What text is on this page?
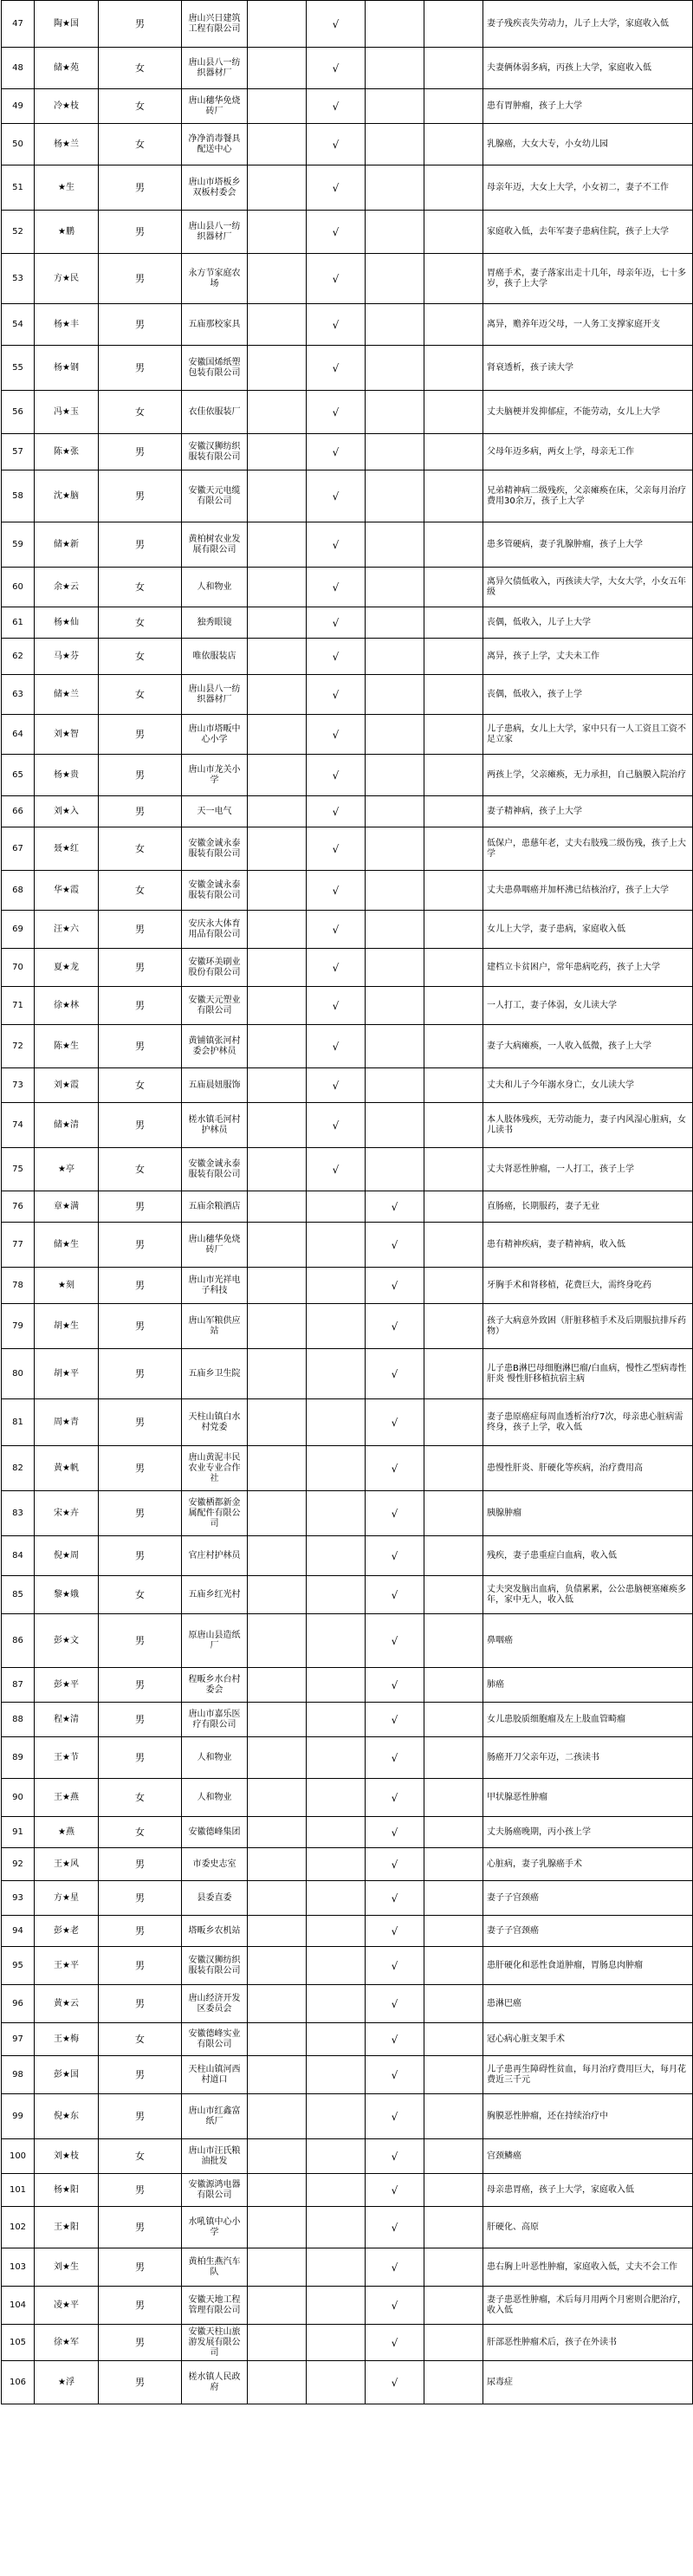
47	陶★国	男	唐山兴日建筑工程有限公司		√			妻子残疾丧失劳动力，儿子上大学，家庭收入低
48	储★苑	女	唐山县八一纺织器材厂		√			夫妻俩体弱多病，丙孩上大学，家庭收入低
49	冷★枝	女	唐山穗华免烧砖厂		√			患有胃肿瘤，孩子上大学
50	杨★兰	女	净净消毒餐具配送中心		√			乳腺癌，大女大专，小女幼儿园
51	★生	男	唐山市塔板乡双板村委会		√			母亲年迈，大女上大学，小女初二，妻子不工作
52	★鹏	男	唐山县八一纺织器材厂		√			家庭收入低，去年军妻子患病住院，孩子上大学
53	方★民	男	永方节家庭农场		√			胃癌手术，妻子落家出走十几年，母亲年迈，七十多岁，孩子上大学
54	杨★丰	男	五庙那校家具		√			离异，赡养年迈父母，一人务工支撑家庭开支
55	杨★钢	男	安徽国烯纸塑包装有限公司		√			肾衰透析，孩子读大学
56	冯★玉	女	衣佳依服装厂		√			丈夫脑梗并发抑郁症，不能劳动，女儿上大学
57	陈★张	男	安徽汉狮纺织服装有限公司		√			父母年迈多病，两女上学，母亲无工作
58	沈★脑	男	安徽天元电缆有限公司		√			兄弟精神病二级残疾，父亲瘫痪在床，父亲每月治疗费用30余万，孩子上大学
59	储★新	男	黄柏树农业发展有限公司		√			患多管硬病，妻子乳腺肿瘤，孩子上大学
60	余★云	女	人和物业		√			离异欠债低收入，丙孩读大学，大女大学，小女五年级
61	杨★仙	女	独秀眼镜		√			丧偶，低收入，儿子上大学
62	马★芬	女	唯依服装店		√			离异，孩子上学，丈夫未工作
63	储★兰	女	唐山县八一纺织器材厂		√			丧偶，低收入，孩子上学
64	刘★智	男	唐山市塔畈中心小学		√			儿子患病，女儿上大学，家中只有一人工资且工资不足立家
65	杨★贵	男	唐山市龙关小学		√			两孩上学，父亲瘫痪，无力承担，自己脑膜入院治疗
66	刘★入	男	天一电气		√			妻子精神病，孩子上大学
67	聂★红	女	安徽金诚永泰服装有限公司		√			低保户，患慈年老，丈夫右肢残二级伤残，孩子上大学
68	华★霞	女	安徽金诚永泰服装有限公司		√			丈夫患鼻咽癌并加杯沸已结核治疗，孩子上大学
69	汪★六	男	安庆永大体育用品有限公司		√			女儿上大学，妻子患病，家庭收入低
70	夏★龙	男	安徽环美刷业股份有限公司		√			建档立卡贫困户，常年患病吃药，孩子上大学
71	徐★林	男	安徽天元塑业有限公司		√			一人打工，妻子体弱，女儿读大学
72	陈★生	男	黄铺镇张河村委会护林员		√			妻子大病瘫痪，一人收入低微，孩子上大学
73	刘★霞	女	五庙晨妞服饰		√			丈夫和儿子今年溺水身亡，女儿读大学
74	储★清	男	槎水镇毛河村护林员		√			本人肢体残疾，无劳动能力，妻子内风湿心脏病，女儿读书
75	★亭	女	安徽金诚永泰服装有限公司		√			丈夫肾恶性肿瘤，一人打工，孩子上学
76	章★满	男	五庙余粮酒店			√		直肠癌，长期服药，妻子无业
77	储★生	男	唐山穗华免烧砖厂			√		患有精神疾病，妻子精神病，收入低
78	★刻	男	唐山市光祥电子科技			√		牙胸手术和肾移植，花费巨大，需终身吃药
79	胡★生	男	唐山军粮供应站			√		孩子大病意外致困（肝脏移植手术及后期服抗排斥药物）
80	胡★平	男	五庙乡卫生院			√		儿子患B淋巴母细胞淋巴瘤/白血病，慢性乙型病毒性肝炎 慢性肝移植抗宿主病
81	周★青	男	天柱山镇白水村党委			√		妻子患原癌症每周血透析治疗7次，母亲患心脏病需终身，孩子上学，收入低
82	黄★帆	男	唐山黄泥丰民农业专业合作社			√		患慢性肝炎、肝硬化等疾病，治疗费用高
83	宋★卉	男	安徽栖都新金属配件有限公司			√		胰腺肿瘤
84	倪★周	男	官庄村护林员			√		残疾，妻子患重症白血病，收入低
85	黎★娥	女	五庙乡红光村			√		丈夫突发脑出血病，负债累累，公公患脑梗塞瘫痪多年，家中无人，收入低
86	彭★文	男	原唐山县造纸厂			√		鼻咽癌
87	彭★平	男	程畈乡水台村委会			√		肺癌
88	程★清	男	唐山市嘉乐医疗有限公司			√		女儿患胶质细胞瘤及左上肢血管畸瘤
89	王★节	男	人和物业			√		肠癌开刀父亲年迈，二孩读书
90	王★燕	女	人和物业			√		甲状腺恶性肿瘤
91	★燕	女	安徽德峰集团			√		丈夫肠癌晚期，丙小孩上学
92	王★风	男	市委史志室			√		心脏病，妻子乳腺癌手术
93	方★星	男	县委直委			√		妻子子宫颈癌
94	彭★老	男	塔畈乡农机站			√		妻子子宫颈癌
95	王★平	男	安徽汉狮纺织服装有限公司			√		患肝硬化和恶性食道肿瘤，胃肠息肉肿瘤
96	黄★云	男	唐山经济开发区委员会			√		患淋巴癌
97	王★梅	女	安徽德峰实业有限公司			√		冠心病心脏支架手术
98	彭★国	男	天柱山镇河西村道口			√		儿子患再生障碍性贫血，每月治疗费用巨大，每月花费近三千元
99	倪★东	男	唐山市红鑫富纸厂			√		胸膜恶性肿瘤，还在持续治疗中
100	刘★枝	女	唐山市汪氏粮油批发			√		宫颈鳞癌
101	杨★阳	男	安徽源鸿电器有限公司			√		母亲患胃癌，孩子上大学，家庭收入低
102	王★阳	男	水吼镇中心小学			√		肝硬化、高原
103	刘★生	男	黄柏生燕汽车队			√		患右胸上叶恶性肿瘤，家庭收入低，丈夫不会工作
104	凌★平	男	安徽天地工程管理有限公司			√		妻子患恶性肿瘤，术后每月用两个月密则合肥治疗，收入低
105	徐★军	男	安徽天柱山旅游发展有限公司			√		肝部恶性肿瘤术后，孩子在外读书
106	★浮	男	槎水镇人民政府			√		尿毒症
